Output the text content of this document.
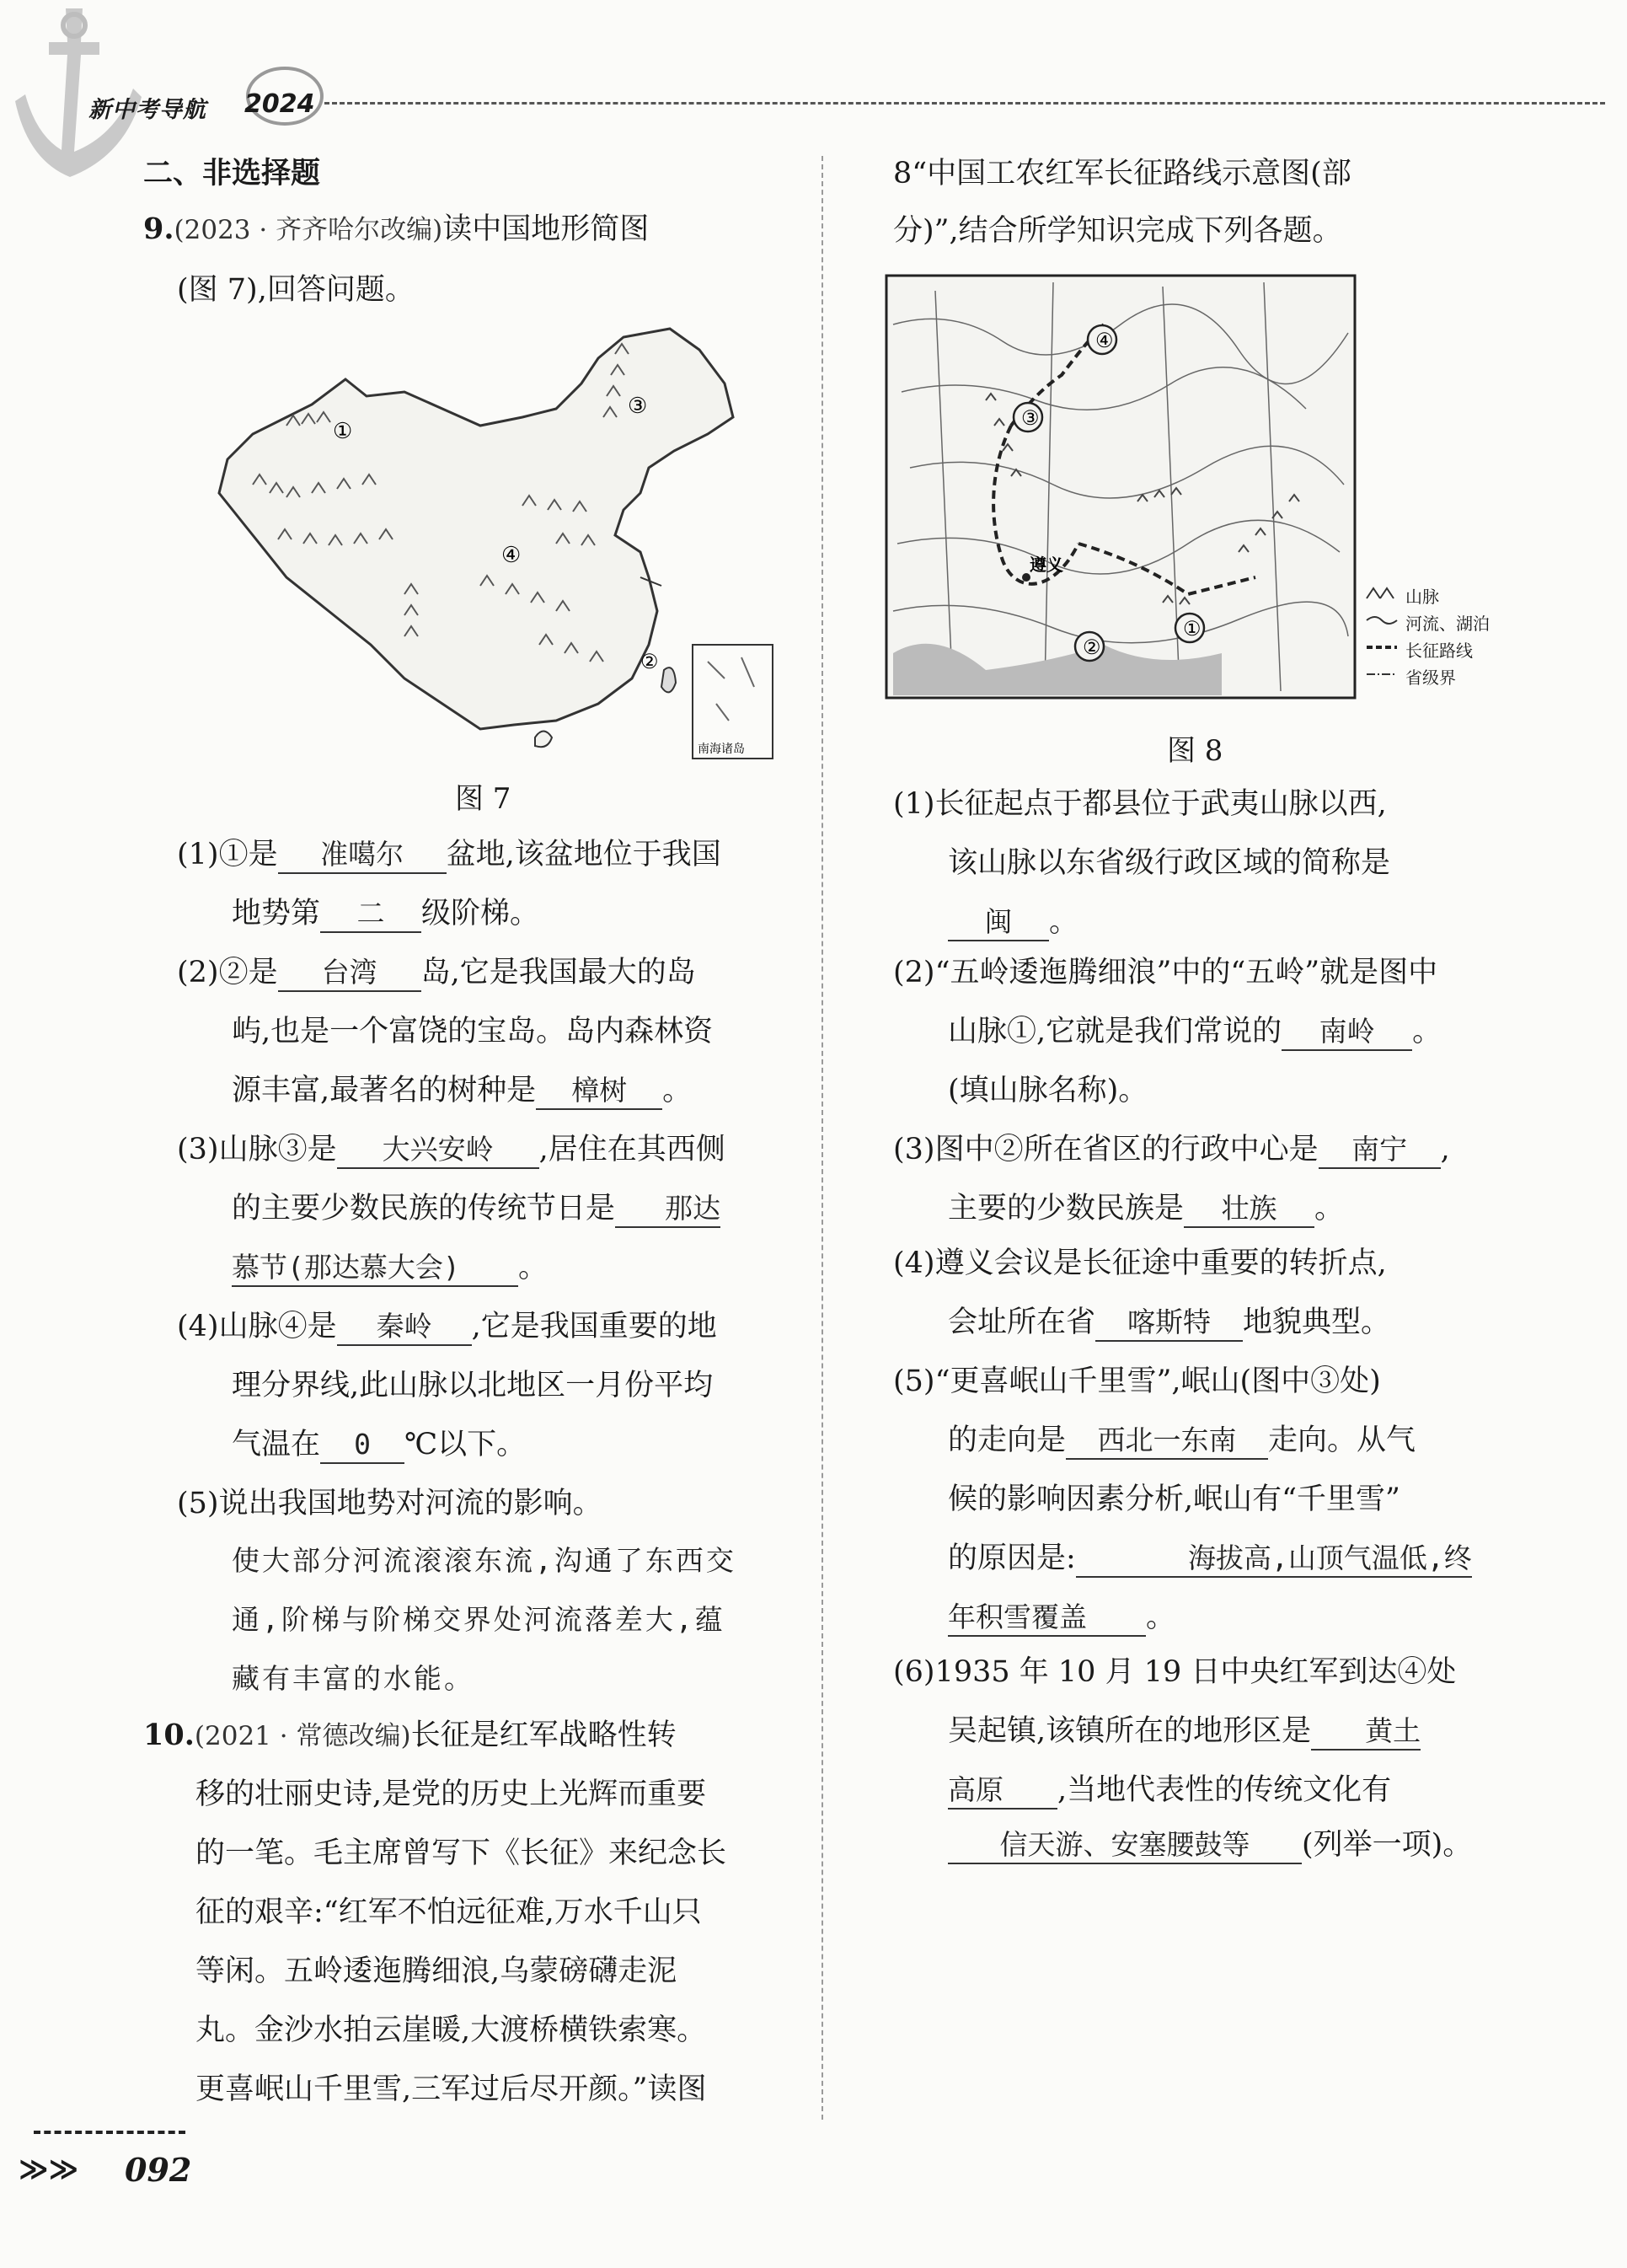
新中考导航 2024
二、非选择题
9.(2023 · 齐齐哈尔改编)读中国地形简图
(图 7),回答问题。
①
②
③
④
南海诸岛
图 7
(1)①是 准噶尔 盆地,该盆地位于我国
地势第 二 级阶梯。
(2)②是 台湾 岛,它是我国最大的岛
屿,也是一个富饶的宝岛。岛内森林资
源丰富,最著名的树种是 樟树 。
(3)山脉③是 大兴安岭 ,居住在其西侧
的主要少数民族的传统节日是 那达
慕节(那达慕大会) 。
(4)山脉④是 秦岭 ,它是我国重要的地
理分界线,此山脉以北地区一月份平均
气温在 0 ℃以下。
(5)说出我国地势对河流的影响。
使大部分河流滚滚东流,沟通了东西交
通,阶梯与阶梯交界处河流落差大,蕴
藏有丰富的水能。
10.(2021 · 常德改编)长征是红军战略性转
移的壮丽史诗,是党的历史上光辉而重要
的一笔。毛主席曾写下《长征》来纪念长
征的艰辛:“红军不怕远征难,万水千山只
等闲。五岭逶迤腾细浪,乌蒙磅礴走泥
丸。金沙水拍云崖暖,大渡桥横铁索寒。
更喜岷山千里雪,三军过后尽开颜。”读图
8“中国工农红军长征路线示意图(部
分)”,结合所学知识完成下列各题。
④
③
②
①
遵义
山脉
河流、湖泊
长征路线
省级界
图 8
(1)长征起点于都县位于武夷山脉以西,
该山脉以东省级行政区域的简称是
闽 。
(2)“五岭逶迤腾细浪”中的“五岭”就是图中
山脉①,它就是我们常说的 南岭 。
(填山脉名称)。
(3)图中②所在省区的行政中心是 南宁 ,
主要的少数民族是 壮族 。
(4)遵义会议是长征途中重要的转折点,
会址所在省 喀斯特 地貌典型。
(5)“更喜岷山千里雪”,岷山(图中③处)
的走向是 西北一东南 走向。从气
候的影响因素分析,岷山有“千里雪”
的原因是:	海拔高,山顶气温低,终
年积雪覆盖 。
(6)1935 年 10 月 19 日中央红军到达④处
吴起镇,该镇所在的地形区是 黄土
高原 ,当地代表性的传统文化有
信天游、安塞腰鼓等 (列举一项)。
≫≫ 092
